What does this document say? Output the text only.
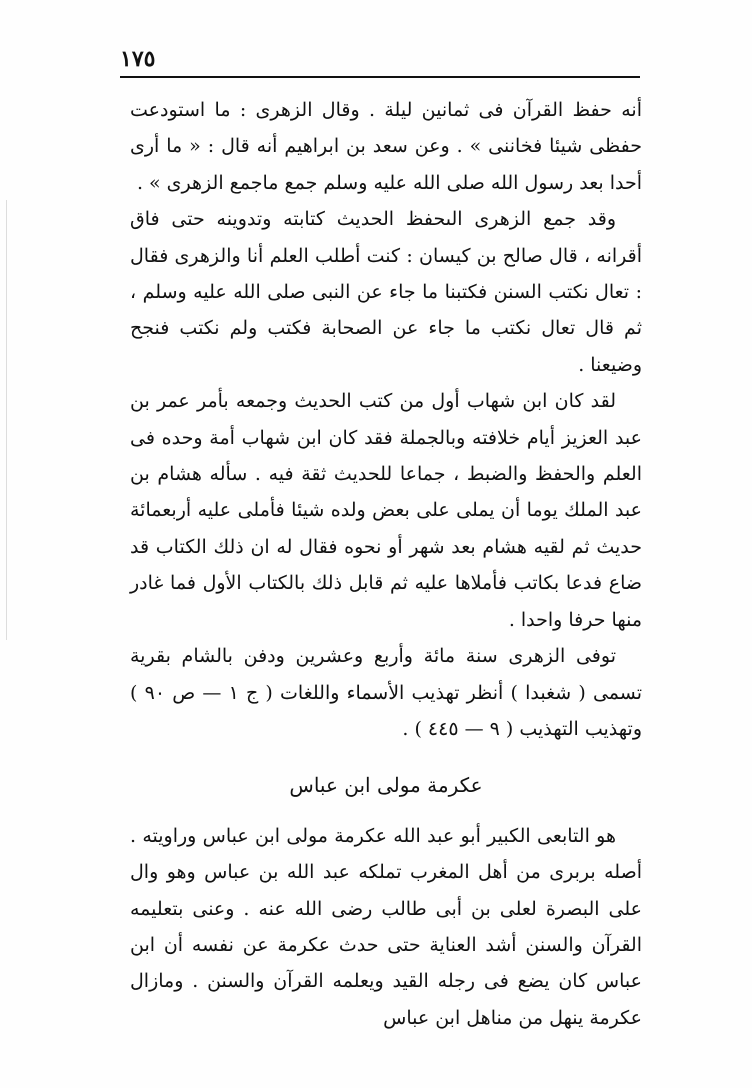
١٧٥

أنه حفظ القرآن فى ثمانين ليلة . وقال الزهرى : ما استودعت حفظى شيئا فخاننى » . وعن سعد بن ابراهيم أنه قال : « ما أرى أحدا بعد رسول الله صلى الله عليه وسلم جمع ماجمع الزهرى » .

وقد جمع الزهرى الىحفظ الحديث كتابته وتدوينه حتى فاق أقرانه ، قال صالح بن كيسان : كنت أطلب العلم أنا والزهرى فقال : تعال نكتب السنن فكتبنا ما جاء عن النبى صلى الله عليه وسلم ، ثم قال تعال نكتب ما جاء عن الصحابة فكتب ولم نكتب فنجح وضيعنا .

لقد كان ابن شهاب أول من كتب الحديث وجمعه بأمر عمر بن عبد العزيز أيام خلافته وبالجملة فقد كان ابن شهاب أمة وحده فى العلم والحفظ والضبط ، جماعا للحديث ثقة فيه . سأله هشام بن عبد الملك يوما أن يملى على بعض ولده شيئا فأملى عليه أربعمائة حديث ثم لقيه هشام بعد شهر أو نحوه فقال له ان ذلك الكتاب قد ضاع فدعا بكاتب فأملاها عليه ثم قابل ذلك بالكتاب الأول فما غادر منها حرفا واحدا .

توفى الزهرى سنة مائة وأربع وعشرين ودفن بالشام بقرية تسمى ( شغبدا ) أنظر تهذيب الأسماء واللغات ( ج ١ — ص ٩٠ ) وتهذيب التهذيب ( ٩ — ٤٤٥ ) .

عكرمة مولى ابن عباس

هو التابعى الكبير أبو عبد الله عكرمة مولى ابن عباس وراويته . أصله بربرى من أهل المغرب تملكه عبد الله بن عباس وهو وال على البصرة لعلى بن أبى طالب رضى الله عنه . وعنى بتعليمه القرآن والسنن أشد العناية حتى حدث عكرمة عن نفسه أن ابن عباس كان يضع فى رجله القيد ويعلمه القرآن والسنن . ومازال عكرمة ينهل من مناهل ابن عباس
